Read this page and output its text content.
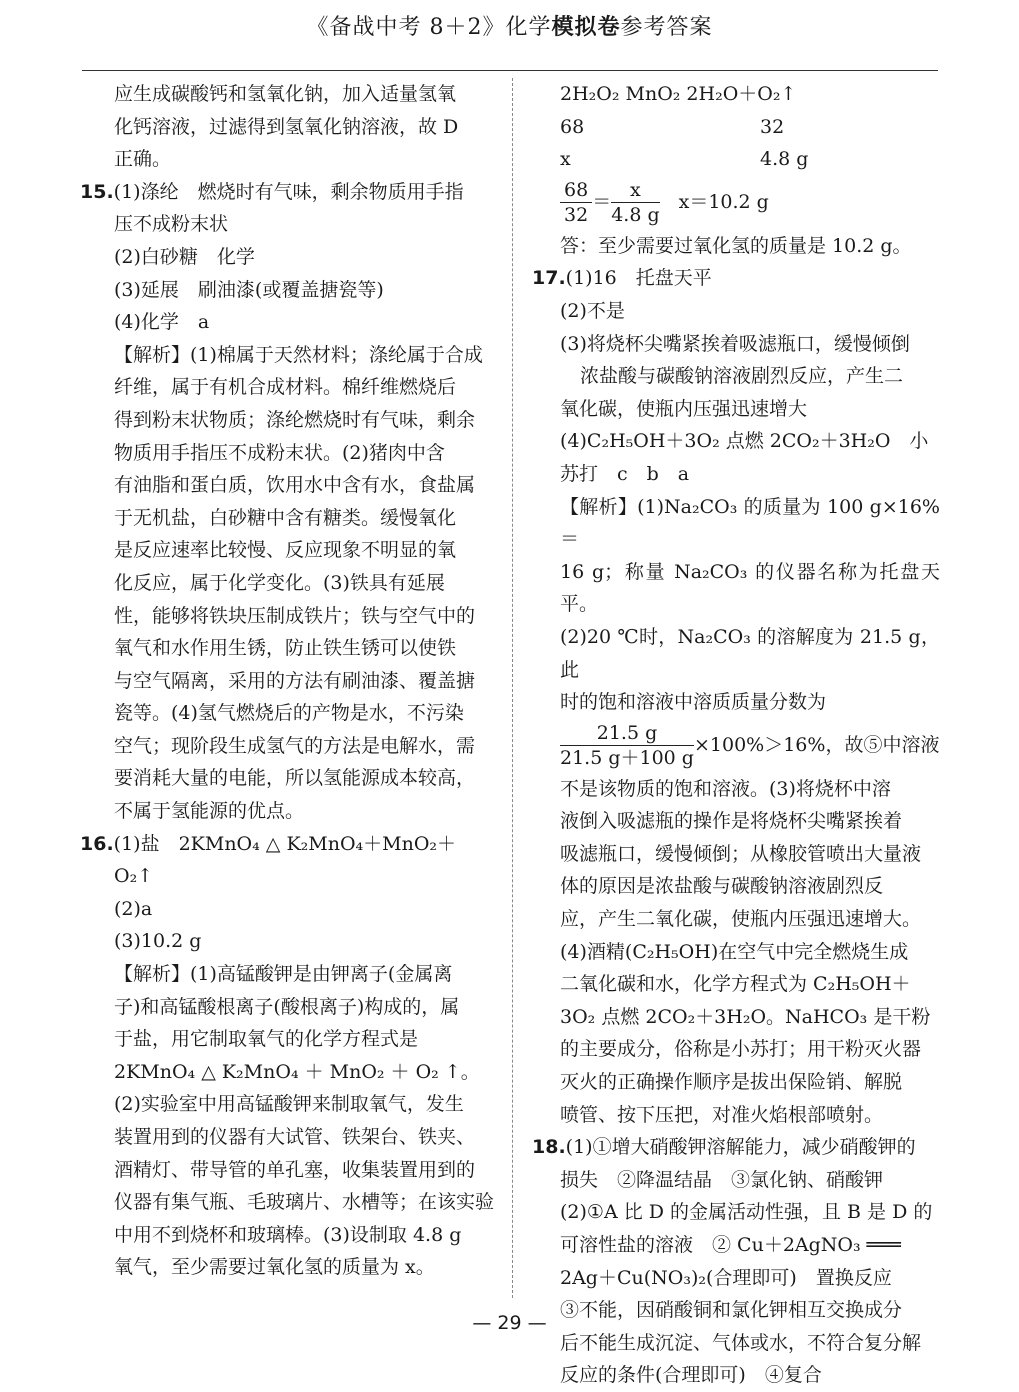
《备战中考 8＋2》化学模拟卷参考答案
应生成碳酸钙和氢氧化钠，加入适量氢氧
化钙溶液，过滤得到氢氧化钠溶液，故 D
正确。
15.(1)涤纶　燃烧时有气味，剩余物质用手指
压不成粉末状
(2)白砂糖　化学
(3)延展　刷油漆(或覆盖搪瓷等)
(4)化学　a
【解析】(1)棉属于天然材料；涤纶属于合成
纤维，属于有机合成材料。棉纤维燃烧后
得到粉末状物质；涤纶燃烧时有气味，剩余
物质用手指压不成粉末状。(2)猪肉中含
有油脂和蛋白质，饮用水中含有水，食盐属
于无机盐，白砂糖中含有糖类。缓慢氧化
是反应速率比较慢、反应现象不明显的氧
化反应，属于化学变化。(3)铁具有延展
性，能够将铁块压制成铁片；铁与空气中的
氧气和水作用生锈，防止铁生锈可以使铁
与空气隔离，采用的方法有刷油漆、覆盖搪
瓷等。(4)氢气燃烧后的产物是水，不污染
空气；现阶段生成氢气的方法是电解水，需
要消耗大量的电能，所以氢能源成本较高，
不属于氢能源的优点。
16.(1)盐　2KMnO₄ △ K₂MnO₄＋MnO₂＋
O₂↑
(2)a
(3)10.2 g
【解析】(1)高锰酸钾是由钾离子(金属离
子)和高锰酸根离子(酸根离子)构成的，属
于盐，用它制取氧气的化学方程式是
2KMnO₄ △ K₂MnO₄ ＋ MnO₂ ＋ O₂ ↑。
(2)实验室中用高锰酸钾来制取氧气，发生
装置用到的仪器有大试管、铁架台、铁夹、
酒精灯、带导管的单孔塞，收集装置用到的
仪器有集气瓶、毛玻璃片、水槽等；在该实验
中用不到烧杯和玻璃棒。(3)设制取 4.8 g
氧气，至少需要过氧化氢的质量为 x。
2H₂O₂ MnO₂ 2H₂O＋O₂↑
68	32
x	4.8 g
$\frac{68}{32} = \frac{x}{4.8 g}$ 　x＝10.2 g
答：至少需要过氧化氢的质量是 10.2 g。
17.(1)16　托盘天平
(2)不是
(3)将烧杯尖嘴紧挨着吸滤瓶口，缓慢倾倒
浓盐酸与碳酸钠溶液剧烈反应，产生二
氧化碳，使瓶内压强迅速增大
(4)C₂H₅OH＋3O₂ 点燃 2CO₂＋3H₂O　小
苏打　c　b　a
【解析】(1)Na₂CO₃ 的质量为 100 g×16%＝
16 g；称量 Na₂CO₃ 的仪器名称为托盘天平。
(2)20 ℃时，Na₂CO₃ 的溶解度为 21.5 g，此
时的饱和溶液中溶质质量分数为
$\frac{21.5 g}{21.5 g+100 g} \times 100\%>16\%$，故⑤中溶液
不是该物质的饱和溶液。(3)将烧杯中溶
液倒入吸滤瓶的操作是将烧杯尖嘴紧挨着
吸滤瓶口，缓慢倾倒；从橡胶管喷出大量液
体的原因是浓盐酸与碳酸钠溶液剧烈反
应，产生二氧化碳，使瓶内压强迅速增大。
(4)酒精(C₂H₅OH)在空气中完全燃烧生成
二氧化碳和水，化学方程式为 C₂H₅OH＋
3O₂ 点燃 2CO₂＋3H₂O。NaHCO₃ 是干粉
的主要成分，俗称是小苏打；用干粉灭火器
灭火的正确操作顺序是拔出保险销、解脱
喷管、按下压把，对准火焰根部喷射。
18.(1)①增大硝酸钾溶解能力，减少硝酸钾的
损失　②降温结晶　③氯化钠、硝酸钾
(2)①A 比 D 的金属活动性强，且 B 是 D 的
可溶性盐的溶液　② Cu＋2AgNO₃ ═══
2Ag＋Cu(NO₃)₂(合理即可)　置换反应
③不能，因硝酸铜和氯化钾相互交换成分
后不能生成沉淀、气体或水，不符合复分解
反应的条件(合理即可)　④复合
— 29 —
